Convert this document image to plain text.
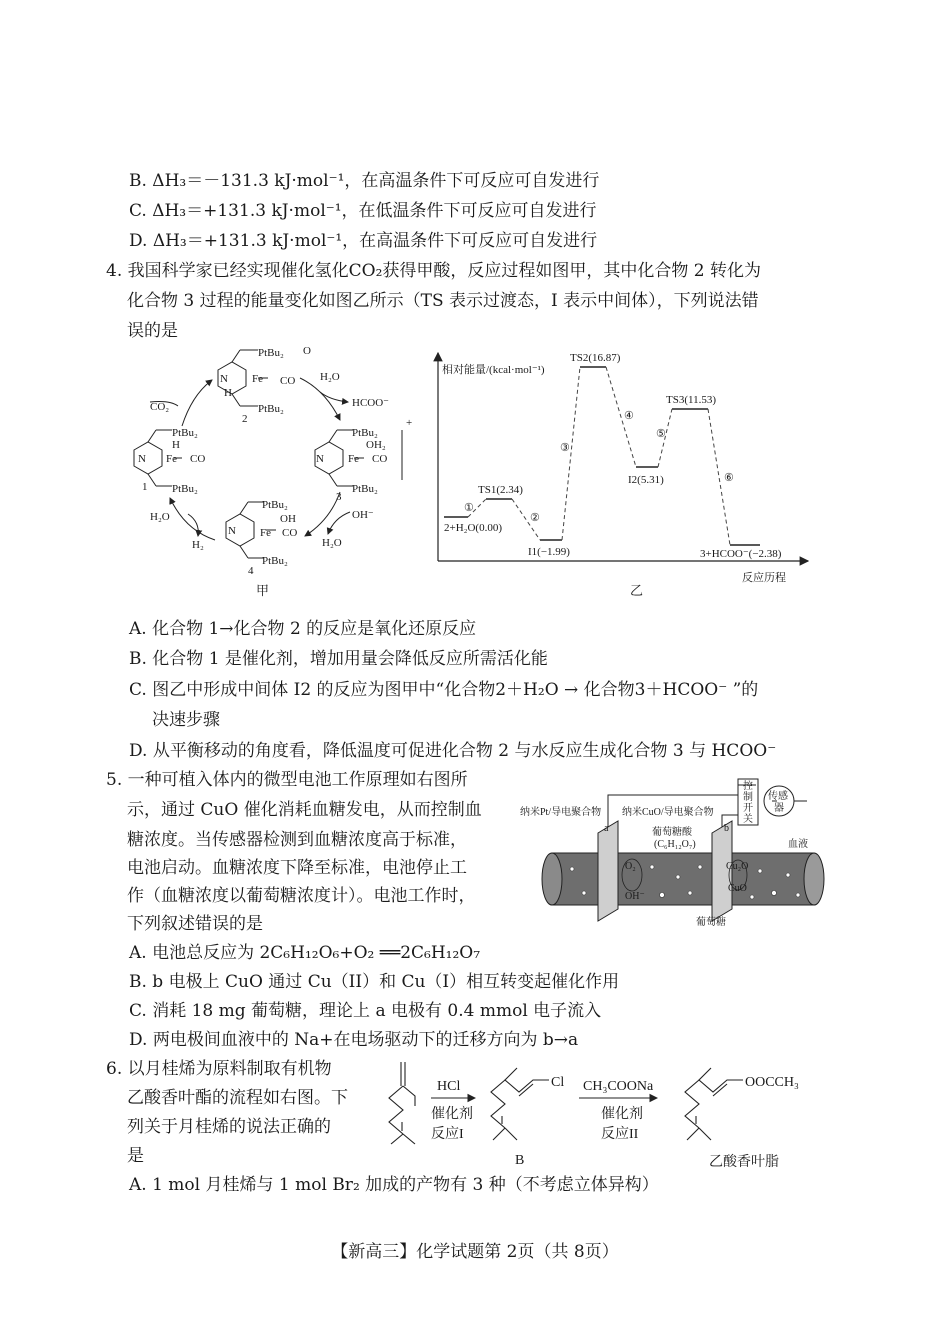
B. ΔH₃＝－131.3 kJ·mol⁻¹，在高温条件下可反应可自发进行
C. ΔH₃＝+131.3 kJ·mol⁻¹，在低温条件下可反应可自发进行
D. ΔH₃＝+131.3 kJ·mol⁻¹，在高温条件下可反应可自发进行
4. 我国科学家已经实现催化氢化CO₂获得甲酸，反应过程如图甲，其中化合物 2 转化为
化合物 3 过程的能量变化如图乙所示（TS 表示过渡态，I 表示中间体），下列说法错
误的是
PtBu₂ O
N Fe CO
H
PtBu₂
2
H₂O
HCOO⁻
+
CO₂
PtBu₂
N Fe CO
H
PtBu₂
1
PtBu₂
OH₂
N Fe CO
PtBu₂
3
H₂O
H₂
OH⁻
H₂O
PtBu₂
OH
N Fe CO
PtBu₂
4
甲
相对能量/(kcal·mol⁻¹)
反应历程
2+H₂O(0.00)
TS1(2.34)
I1(−1.99)
TS2(16.87)
I2(5.31)
TS3(11.53)
3+HCOO⁻(−2.38)
①
②
③
④
⑤
⑥
乙
A. 化合物 1→化合物 2 的反应是氧化还原反应
B. 化合物 1 是催化剂，增加用量会降低反应所需活化能
C. 图乙中形成中间体 I2 的反应为图甲中“化合物2＋H₂O → 化合物3＋HCOO⁻ ”的
决速步骤
D. 从平衡移动的角度看，降低温度可促进化合物 2 与水反应生成化合物 3 与 HCOO⁻
5. 一种可植入体内的微型电池工作原理如右图所
示，通过 CuO 催化消耗血糖发电，从而控制血
糖浓度。当传感器检测到血糖浓度高于标准，
电池启动。血糖浓度下降至标准，电池停止工
作（血糖浓度以葡萄糖浓度计）。电池工作时，
下列叙述错误的是
纳米Pt/导电聚合物 纳米CuO/导电聚合物
控
制
开
关
传感
器
a	b
葡萄糖酸
(C₆H₁₂O₇)	血液
O₂
OH⁻
Cu₂O
CuO
葡萄糖
A. 电池总反应为 2C₆H₁₂O₆+O₂ ══2C₆H₁₂O₇
B. b 电极上 CuO 通过 Cu（II）和 Cu（I）相互转变起催化作用
C. 消耗 18 mg 葡萄糖，理论上 a 电极有 0.4 mmol 电子流入
D. 两电极间血液中的 Na+在电场驱动下的迁移方向为 b→a
6. 以月桂烯为原料制取有机物
乙酸香叶酯的流程如右图。下
列关于月桂烯的说法正确的
是
HCl
催化剂
反应I
Cl
B
CH₃COONa
催化剂
反应II
OOCCH₃
乙酸香叶脂
A. 1 mol 月桂烯与 1 mol Br₂ 加成的产物有 3 种（不考虑立体异构）
【新高三】化学试题第 2页（共 8页）
